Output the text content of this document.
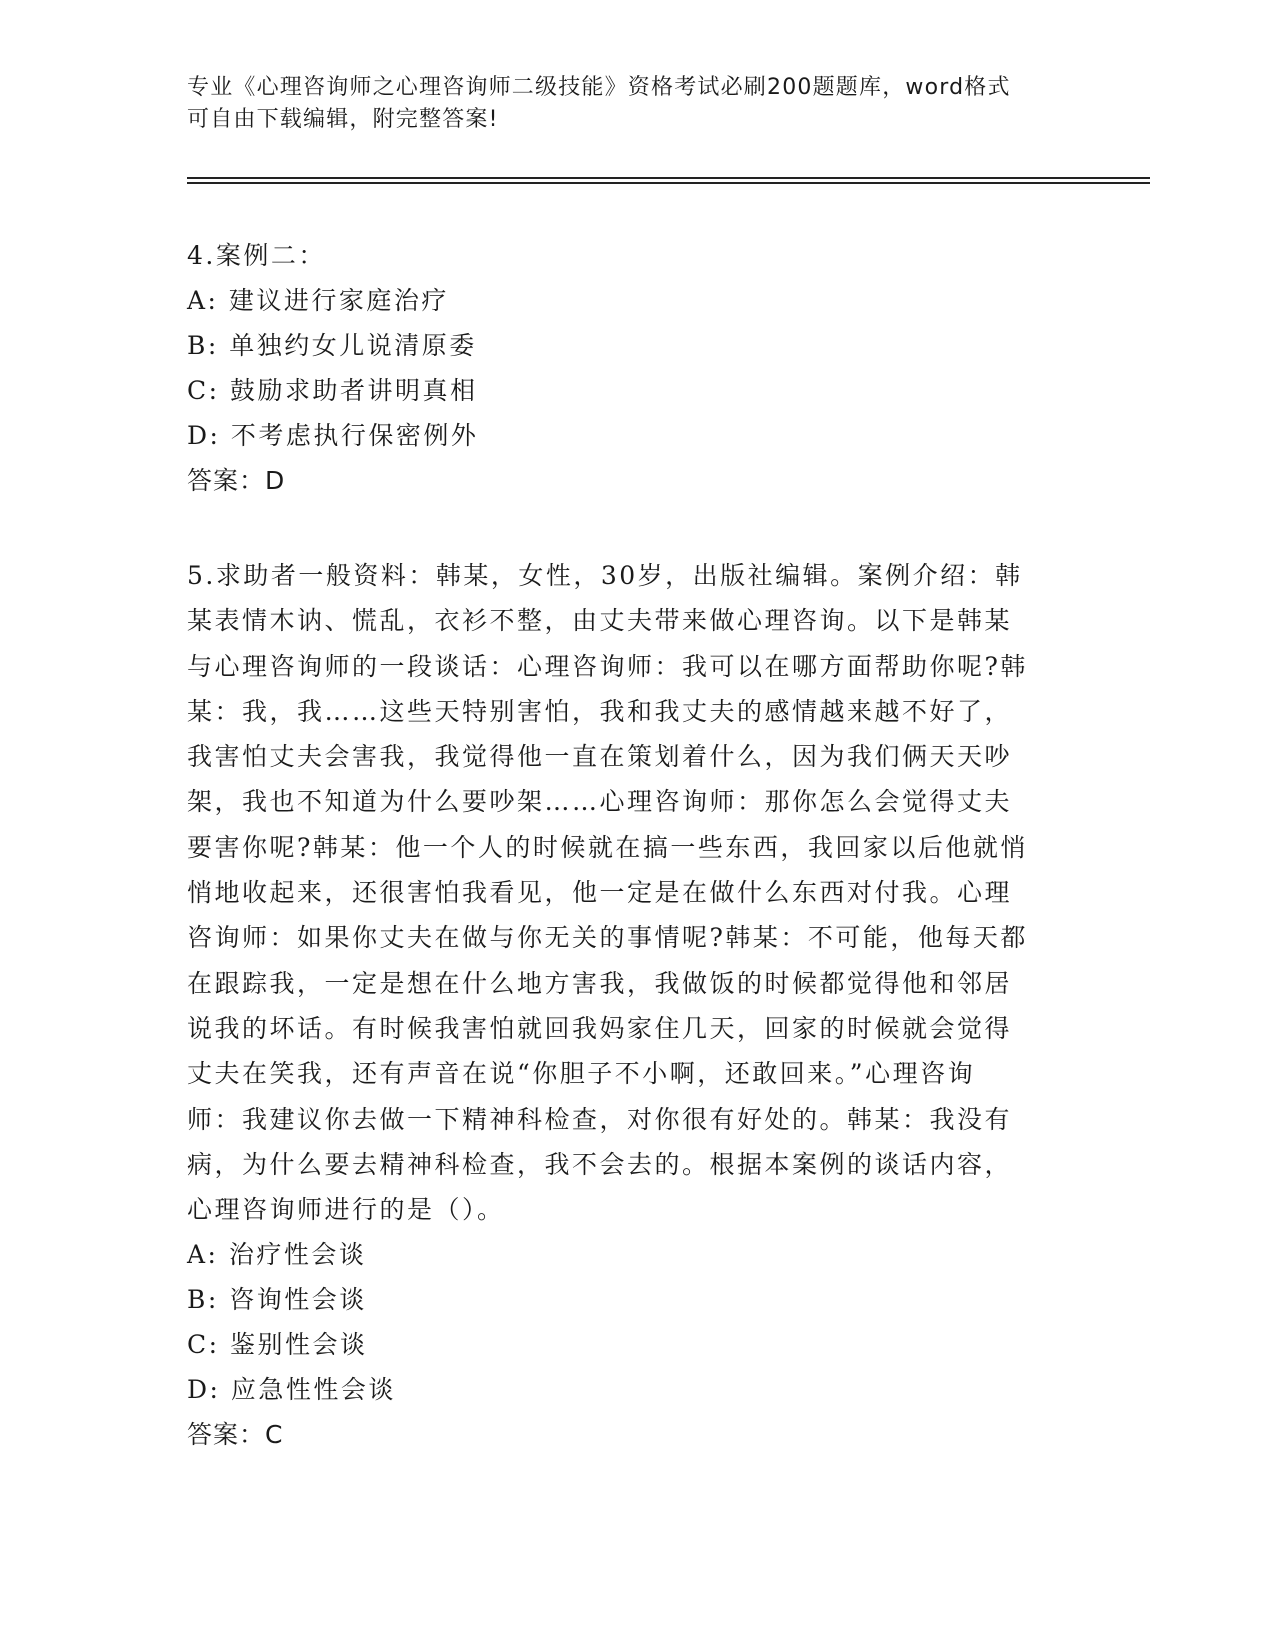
专业《心理咨询师之心理咨询师二级技能》资格考试必刷200题题库，word格式
可自由下载编辑，附完整答案!
4.案例二：
A: 建议进行家庭治疗
B: 单独约女儿说清原委
C: 鼓励求助者讲明真相
D: 不考虑执行保密例外
答案：D
5.求助者一般资料：韩某，女性，30岁，出版社编辑。案例介绍：韩
某表情木讷、慌乱，衣衫不整，由丈夫带来做心理咨询。以下是韩某
与心理咨询师的一段谈话：心理咨询师：我可以在哪方面帮助你呢?韩
某：我，我……这些天特别害怕，我和我丈夫的感情越来越不好了，
我害怕丈夫会害我，我觉得他一直在策划着什么，因为我们俩天天吵
架，我也不知道为什么要吵架……心理咨询师：那你怎么会觉得丈夫
要害你呢?韩某：他一个人的时候就在搞一些东西，我回家以后他就悄
悄地收起来，还很害怕我看见，他一定是在做什么东西对付我。心理
咨询师：如果你丈夫在做与你无关的事情呢?韩某：不可能，他每天都
在跟踪我，一定是想在什么地方害我，我做饭的时候都觉得他和邻居
说我的坏话。有时候我害怕就回我妈家住几天，回家的时候就会觉得
丈夫在笑我，还有声音在说“你胆子不小啊，还敢回来。”心理咨询
师：我建议你去做一下精神科检查，对你很有好处的。韩某：我没有
病，为什么要去精神科检查，我不会去的。根据本案例的谈话内容，
心理咨询师进行的是（）。
A: 治疗性会谈
B: 咨询性会谈
C: 鉴别性会谈
D: 应急性性会谈
答案：C
